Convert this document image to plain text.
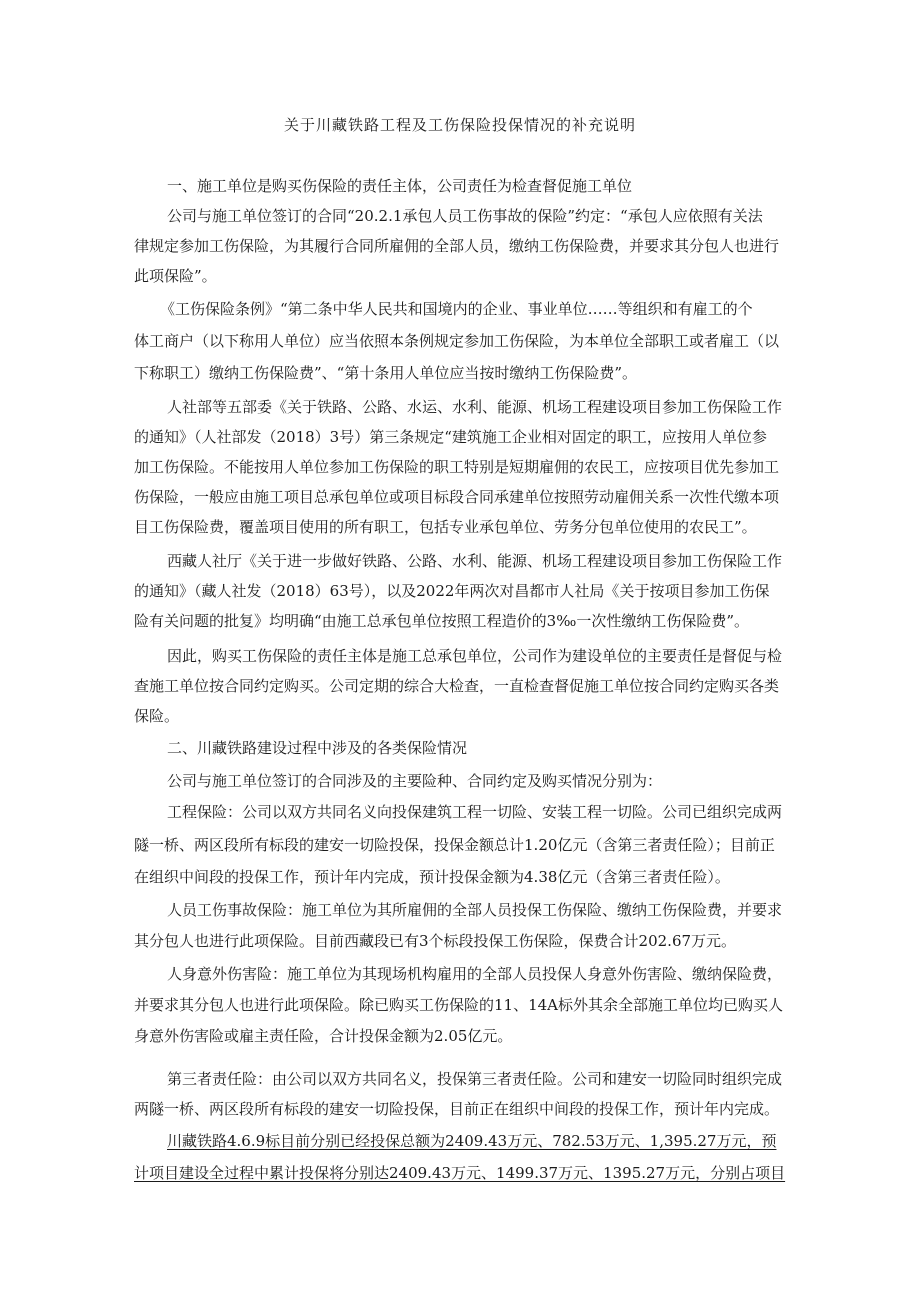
关于川藏铁路工程及工伤保险投保情况的补充说明
一、施工单位是购买伤保险的责任主体，公司责任为检查督促施工单位
公司与施工单位签订的合同“20.2.1承包人员工伤事故的保险”约定：“承包人应依照有关法
律规定参加工伤保险，为其履行合同所雇佣的全部人员，缴纳工伤保险费，并要求其分包人也进行
此项保险”。
《工伤保险条例》“第二条中华人民共和国境内的企业、事业单位……等组织和有雇工的个
体工商户（以下称用人单位）应当依照本条例规定参加工伤保险，为本单位全部职工或者雇工（以
下称职工）缴纳工伤保险费”、“第十条用人单位应当按时缴纳工伤保险费”。
人社部等五部委《关于铁路、公路、水运、水利、能源、机场工程建设项目参加工伤保险工作
的通知》（人社部发（2018）3号）第三条规定“建筑施工企业相对固定的职工，应按用人单位参
加工伤保险。不能按用人单位参加工伤保险的职工特别是短期雇佣的农民工，应按项目优先参加工
伤保险，一般应由施工项目总承包单位或项目标段合同承建单位按照劳动雇佣关系一次性代缴本项
目工伤保险费，覆盖项目使用的所有职工，包括专业承包单位、劳务分包单位使用的农民工”。
西藏人社厅《关于进一步做好铁路、公路、水利、能源、机场工程建设项目参加工伤保险工作
的通知》（藏人社发（2018）63号），以及2022年两次对昌都市人社局《关于按项目参加工伤保
险有关问题的批复》均明确“由施工总承包单位按照工程造价的3‰一次性缴纳工伤保险费”。
因此，购买工伤保险的责任主体是施工总承包单位，公司作为建设单位的主要责任是督促与检
查施工单位按合同约定购买。公司定期的综合大检查，一直检查督促施工单位按合同约定购买各类
保险。
二、川藏铁路建设过程中涉及的各类保险情况
公司与施工单位签订的合同涉及的主要险种、合同约定及购买情况分别为：
工程保险：公司以双方共同名义向投保建筑工程一切险、安装工程一切险。公司已组织完成两
隧一桥、两区段所有标段的建安一切险投保，投保金额总计1.20亿元（含第三者责任险）；目前正
在组织中间段的投保工作，预计年内完成，预计投保金额为4.38亿元（含第三者责任险）。
人员工伤事故保险：施工单位为其所雇佣的全部人员投保工伤保险、缴纳工伤保险费，并要求
其分包人也进行此项保险。目前西藏段已有3个标段投保工伤保险，保费合计202.67万元。
人身意外伤害险：施工单位为其现场机构雇用的全部人员投保人身意外伤害险、缴纳保险费，
并要求其分包人也进行此项保险。除已购买工伤保险的11、14A标外其余全部施工单位均已购买人
身意外伤害险或雇主责任险，合计投保金额为2.05亿元。
第三者责任险：由公司以双方共同名义，投保第三者责任险。公司和建安一切险同时组织完成
两隧一桥、两区段所有标段的建安一切险投保，目前正在组织中间段的投保工作，预计年内完成。
川藏铁路4.6.9标目前分别已经投保总额为2409.43万元、782.53万元、1,395.27万元，预
计项目建设全过程中累计投保将分别达2409.43万元、1499.37万元、1395.27万元，分别占项目
